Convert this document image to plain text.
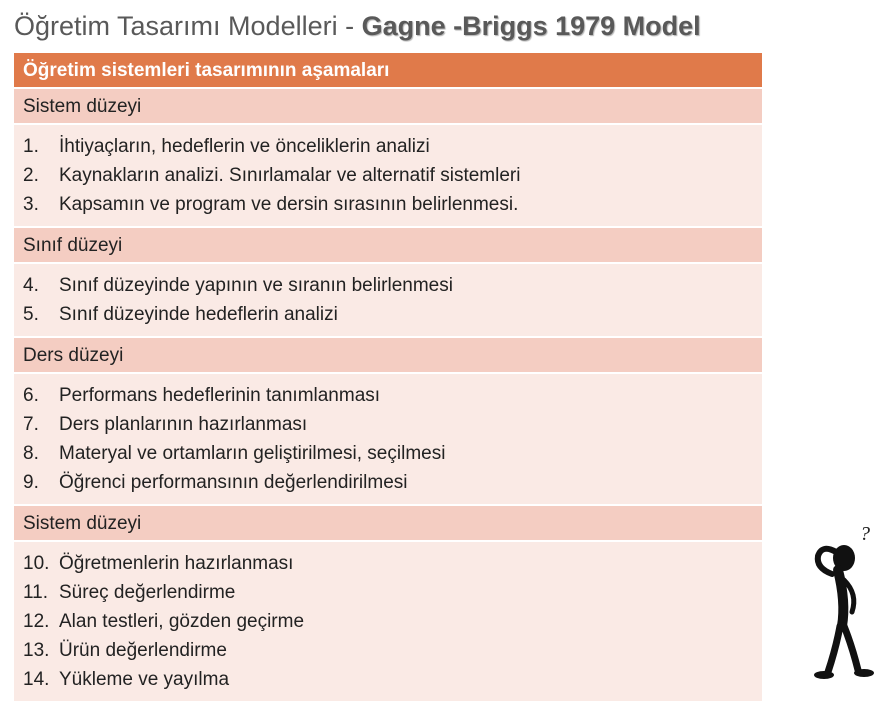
Öğretim Tasarımı Modelleri - Gagne -Briggs 1979 Model
Öğretim sistemleri tasarımının aşamaları
Sistem düzeyi
1.	İhtiyaçların, hedeflerin ve önceliklerin analizi
2.	Kaynakların analizi. Sınırlamalar ve alternatif sistemleri
3.	Kapsamın ve program ve dersin sırasının belirlenmesi.
Sınıf düzeyi
4.	Sınıf düzeyinde yapının ve sıranın belirlenmesi
5.	Sınıf düzeyinde hedeflerin analizi
Ders düzeyi
6.	Performans hedeflerinin tanımlanması
7.	Ders planlarının hazırlanması
8.	Materyal ve ortamların geliştirilmesi, seçilmesi
9.	Öğrenci performansının değerlendirilmesi
Sistem düzeyi
10. Öğretmenlerin hazırlanması
11. Süreç değerlendirme
12. Alan testleri, gözden geçirme
13. Ürün değerlendirme
14. Yükleme ve yayılma
?
